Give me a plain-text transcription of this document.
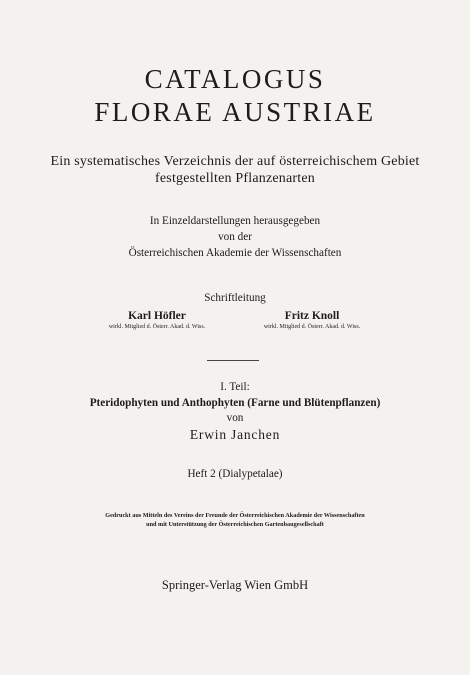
CATALOGUS
FLORAE AUSTRIAE
Ein systematisches Verzeichnis der auf österreichischem Gebiet
festgestellten Pflanzenarten
In Einzeldarstellungen herausgegeben
von der
Österreichischen Akademie der Wissenschaften
Schriftleitung
Karl Höfler
wirkl. Mitglied d. Österr. Akad. d. Wiss.
Fritz Knoll
wirkl. Mitglied d. Österr. Akad. d. Wiss.
I. Teil:
Pteridophyten und Anthophyten (Farne und Blütenpflanzen)
von
Erwin Janchen
Heft 2 (Dialypetalae)
Gedruckt aus Mitteln des Vereins der Freunde der Österreichischen Akademie der Wissenschaften
und mit Unterstützung der Österreichischen Gartenbaugesellschaft
Springer-Verlag Wien GmbH
